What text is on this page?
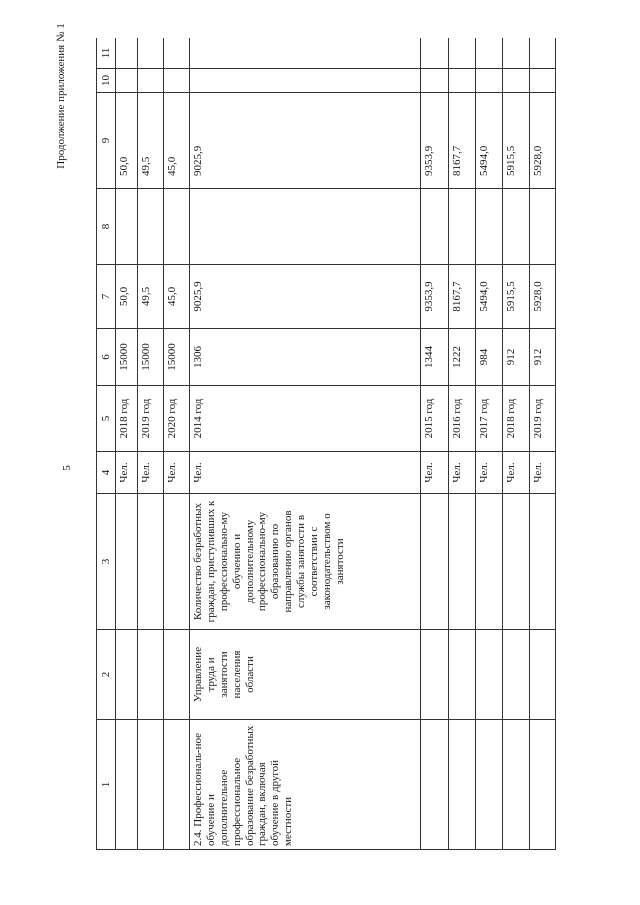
5
Продолжение приложения № 1
1	2	3	4	5	6	7	8	9	10	11
			Чел.	2018 год	15000	50,0		50,0		
			Чел.	2019 год	15000	49,5		49,5		
			Чел.	2020 год	15000	45,0		45,0		
2.4. Профессиональ-ное обучение и дополнительное профессиональное образование безработных граждан, включая обучение в другой местности	Управление труда и занятости населения области	Количество безработных граждан, приступивших к профессионально-му обучению и дополнительному профессионально-му образованию по направлению органов службы занятости в соответствии с законодательством о занятости	Чел.	2014 год	1306	9025,9		9025,9		
			Чел.	2015 год	1344	9353,9		9353,9		
			Чел.	2016 год	1222	8167,7		8167,7		
			Чел.	2017 год	984	5494,0		5494,0		
			Чел.	2018 год	912	5915,5		5915,5		
			Чел.	2019 год	912	5928,0		5928,0		
